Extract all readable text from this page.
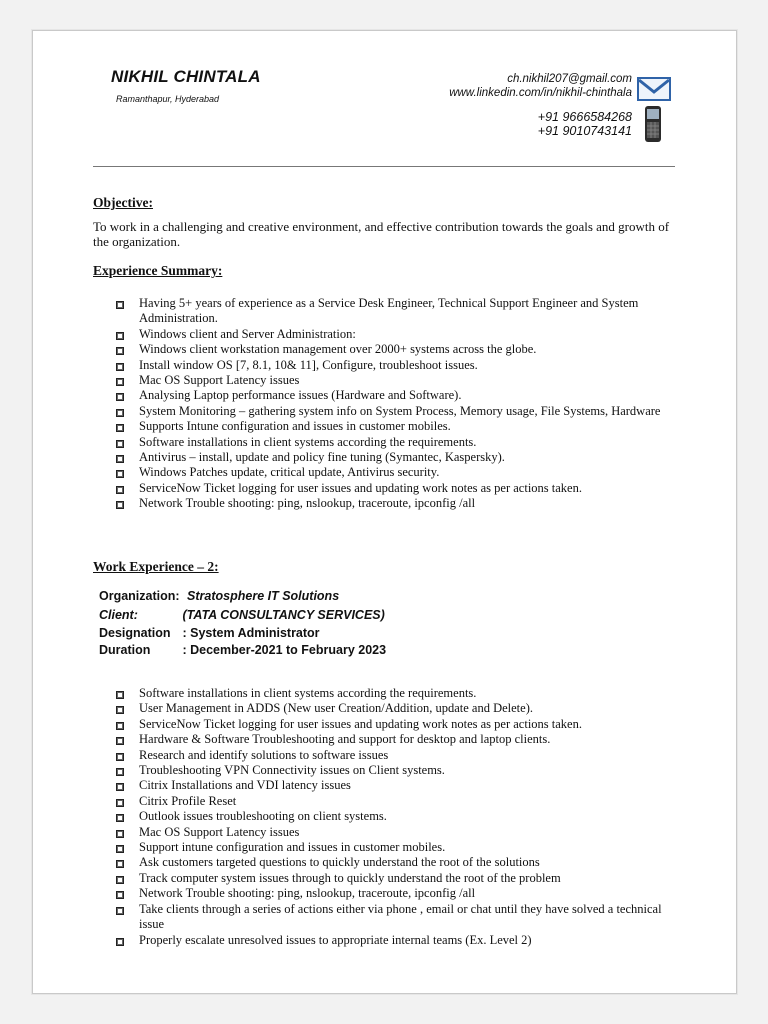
NIKHIL CHINTALA
Ramanthapur, Hyderabad
ch.nikhil207@gmail.com
www.linkedin.com/in/nikhil-chinthala
+91 9666584268
+91 9010743141
Objective:
To work in a challenging and creative environment, and effective contribution towards the goals and growth of the organization.
Experience Summary:
Having 5+ years of experience as a Service Desk Engineer, Technical Support Engineer and System Administration.
Windows client and Server Administration:
Windows client workstation management over 2000+ systems across the globe.
Install window OS [7, 8.1, 10& 11], Configure, troubleshoot issues.
Mac OS Support Latency issues
Analysing Laptop performance issues (Hardware and Software).
System Monitoring – gathering system info on System Process, Memory usage, File Systems, Hardware
Supports Intune configuration and issues in customer mobiles.
Software installations in client systems according the requirements.
Antivirus – install, update and policy fine tuning (Symantec, Kaspersky).
Windows Patches update, critical update, Antivirus security.
ServiceNow Ticket logging for user issues and updating work notes as per actions taken.
Network Trouble shooting: ping, nslookup, traceroute, ipconfig /all
Work Experience – 2:
Organization: Stratosphere IT Solutions
Client:	(TATA CONSULTANCY SERVICES)
Designation : System Administrator
Duration	: December-2021 to February 2023
Software installations in client systems according the requirements.
User Management in ADDS (New user Creation/Addition, update and Delete).
ServiceNow Ticket logging for user issues and updating work notes as per actions taken.
Hardware & Software Troubleshooting and support for desktop and laptop clients.
Research and identify solutions to software issues
Troubleshooting VPN Connectivity issues on Client systems.
Citrix Installations and VDI latency issues
Citrix Profile Reset
Outlook issues troubleshooting on client systems.
Mac OS Support Latency issues
Support intune configuration and issues in customer mobiles.
Ask customers targeted questions to quickly understand the root of the solutions
Track computer system issues through to quickly understand the root of the problem
Network Trouble shooting: ping, nslookup, traceroute, ipconfig /all
Take clients through a series of actions either via phone , email or chat until they have solved a technical issue
Properly escalate unresolved issues to appropriate internal teams (Ex. Level 2)
